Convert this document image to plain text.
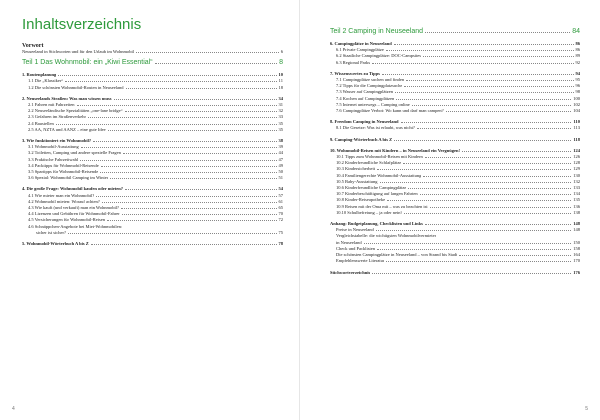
Inhaltsverzeichnis
Vorwort
Neuseeland in Stichworten und für den Urlaub im Wohnmobil	6
Teil 1 Das Wohnmobil: ein „Kiwi Essential“	8
1. Routenplanung	10
1.1 Die „Klassiker“	11
1.2 Die schönsten Wohnmobil-Routen in Neuseeland	18
2. Neuseelands Straßen: Was man wissen muss	34
2.1 Fahren mit Fahrzeiten	31
2.2 Neuseeländische Spezialitäten „one-lane bridge“	32
2.3 Gefahren im Straßenverkehr	33
2.4 Baustellen	35
2.5 AA, NZTA und AANZ – eine gute Idee	35
3. Wie funktioniert ein Wohnmobil?	38
3.1 Wohnmobil-Ausstattung	39
3.2 Toiletten, Camping und andere spezielle Fragen	44
3.3 Praktische Fahrzeitwahl	47
3.4 Packtipps für Wohnmobil-Reisende	49
3.5 Spartipps für Wohnmobil-Reisende	50
3.6 Spezial: Wohnmobil Camping im Winter	51
4. Die große Frage: Wohnmobil kaufen oder mieten?	54
4.1 Wie mieter man ein Wohnmobil?	57
4.2 Wohnmobil mieten: Worauf achten?	61
4.3 Wie kauft (und verkauft) man ein Wohnmobil?	65
4.4 Lizenzen und Gebühren für Wohnmobil-Fahrer	70
4.5 Versicherungen für Wohnmobil-Reisen	72
4.6 Schnäppchen-Angebote bei Miet-Wohnmobilen:
sicher ist sicher?	75
5. Wohnmobil-Wörterbuch A bis Z	78
4
Teil 2 Camping in Neuseeland	84
6. Campingplätze in Neuseeland	86
6.1 Private Campingplätze	86
6.2 Staatliche Campingplätze: DOC-Campsites	89
6.3 Regional Parks	92
7. Wissenswertes zu Tipps	94
7.1 Campingplätze suchen und finden	95
7.2 Tipps für die Campingplatzsuche	96
7.3 Wasser auf Campingplätzen	98
7.4 Kochen auf Campingplätzen	100
7.5 Internet unterwegs – Camping online	102
7.6 Campingplätze Verbot: Wo kann und darf man campen?	104
8. Freedom Camping in Neuseeland	110
8.1 Die Gesetze: Was ist erlaubt, was nicht?	113
9. Camping-Wörterbuch A bis Z	118
10. Wohnmobil-Reisen mit Kindern – in Neuseeland ein Vergnügen!	124
10.1 Tipps zum Wohnmobil-Reisen mit Kindern	126
10.2 Kinderfreundliche Schlafplätze	128
10.3 Kindersicherheit	129
10.4 Familiengerechte Wohnmobil-Ausstattung	130
10.5 Baby-Ausstattung	132
10.6 Kinderfreundliche Campingplätze	133
10.7 Kinderbeschäftigung auf langen Fahrten	134
10.8 Kinder-Reiseapotheke	135
10.9 Reisen mit der Oma mit – was zu beachten ist	136
10.10 Schulbefreiung – ja oder nein?	138
Anhang: Budgetplanung, Checklisten und Links	148
Preise in Neuseeland	148
Vergleichstabelle: die wichtigsten Wohnmobilvermieter
in Neuseeland	150
Check und Packlisten	158
Die schönsten Campingplätze in Neuseeland – von Strand bis Stadt	164
Empfehlenswerte Literatur	170
Stichwortverzeichnis	176
5
